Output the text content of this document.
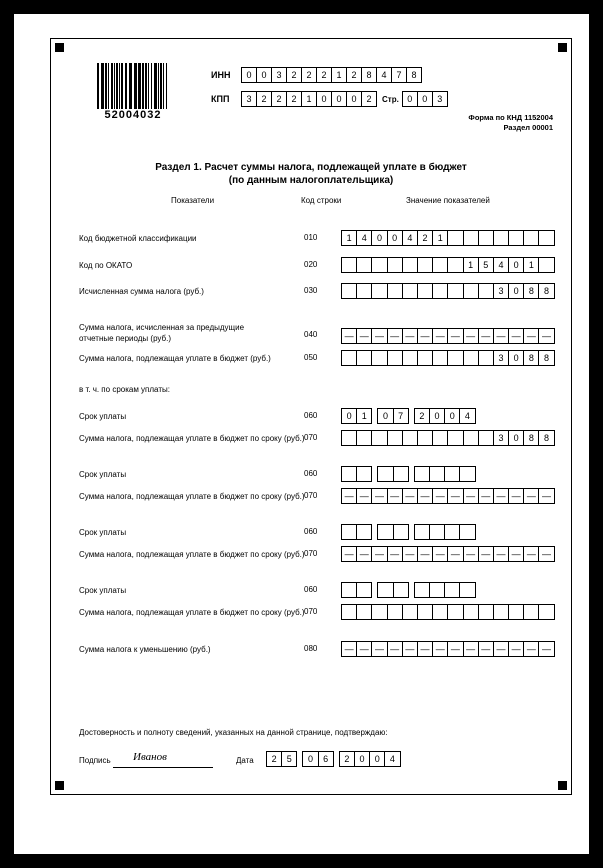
52004032
ИНН	0	0	3	2	2	2	1	2	8	4	7	8
КПП	3	2	2	2	1	0	0	0	2	Стр. 0	0	3
Форма по КНД 1152004
Раздел 00001
Раздел 1. Расчет суммы налога, подлежащей уплате в бюджет
(по данным налогоплательщика)
Показатели	Код строки	Значение показателей
Код бюджетной классификации	010	1	4	0	0	4	2	1
Код по ОКАТО	020	1	5	4	0	1
Исчисленная сумма налога (руб.)	030	3	0	8	8
Сумма налога, исчисленная за предыдущие
отчетные периоды (руб.)	040	— — — — — — — — — — — — — —
Сумма налога, подлежащая уплате в бюджет (руб.)	050	3	0	8	8
в т. ч. по срокам уплаты:
Срок уплаты	060	0	1	0	7	2	0	0	4
Сумма налога, подлежащая уплате в бюджет по сроку (руб.) 070	3	0	8	8
Срок уплаты	060
Сумма налога, подлежащая уплате в бюджет по сроку (руб.) 070	— — — — — — — — — — — — — —
Срок уплаты	060
Сумма налога, подлежащая уплате в бюджет по сроку (руб.) 070	— — — — — — — — — — — — — —
Срок уплаты	060
Сумма налога, подлежащая уплате в бюджет по сроку (руб.) 070
Сумма налога к уменьшению (руб.)	080	— — — — — — — — — — — — — —
Достоверность и полноту сведений, указанных на данной странице, подтверждаю:
Подпись Иванов	Дата	2	5	0	6	2	0	0	4
